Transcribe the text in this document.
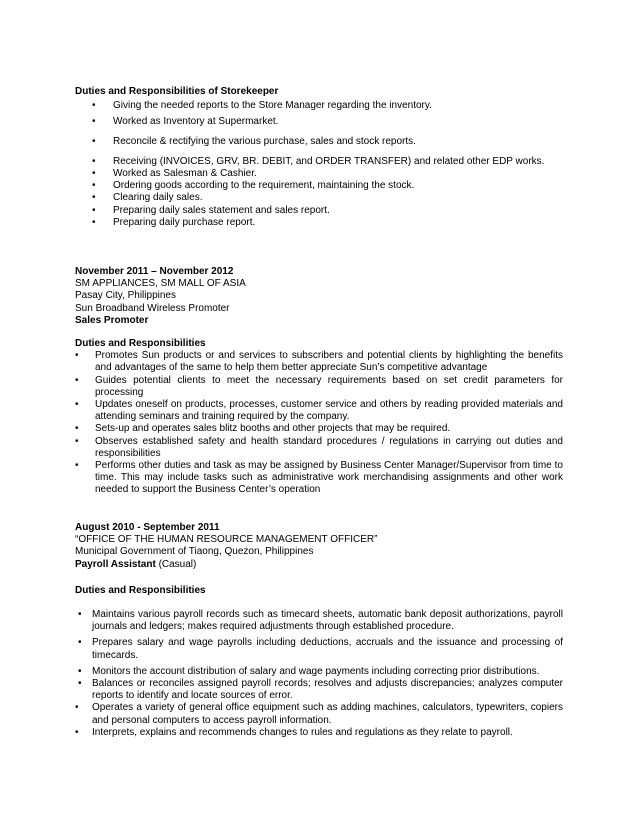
Duties and Responsibilities of Storekeeper
• Giving the needed reports to the Store Manager regarding the inventory.
• Worked as Inventory at Supermarket.
• Reconcile & rectifying the various purchase, sales and stock reports.
• Receiving (INVOICES, GRV, BR. DEBIT, and ORDER TRANSFER) and related other EDP works.
• Worked as Salesman & Cashier.
• Ordering goods according to the requirement, maintaining the stock.
• Clearing daily sales.
• Preparing daily sales statement and sales report.
• Preparing daily purchase report.
November 2011 – November 2012
SM APPLIANCES, SM MALL OF ASIA
Pasay City, Philippines
Sun Broadband Wireless Promoter
Sales Promoter
Duties and Responsibilities
• Promotes Sun products or and services to subscribers and potential clients by highlighting the benefits and advantages of the same to help them better appreciate Sun’s competitive advantage
• Guides potential clients to meet the necessary requirements based on set credit parameters for processing
• Updates oneself on products, processes, customer service and others by reading provided materials and attending seminars and training required by the company.
• Sets-up and operates sales blitz booths and other projects that may be required.
• Observes established safety and health standard procedures / regulations in carrying out duties and responsibilities
• Performs other duties and task as may be assigned by Business Center Manager/Supervisor from time to time. This may include tasks such as administrative work merchandising assignments and other work needed to support the Business Center’s operation
August 2010 - September 2011
“OFFICE OF THE HUMAN RESOURCE MANAGEMENT OFFICER”
Municipal Government of Tiaong, Quezon, Philippines
Payroll Assistant (Casual)
Duties and Responsibilities
• Maintains various payroll records such as timecard sheets, automatic bank deposit authorizations, payroll journals and ledgers; makes required adjustments through established procedure.
• Prepares salary and wage payrolls including deductions, accruals and the issuance and processing of timecards.
• Monitors the account distribution of salary and wage payments including correcting prior distributions.
• Balances or reconciles assigned payroll records; resolves and adjusts discrepancies; analyzes computer reports to identify and locate sources of error.
• Operates a variety of general office equipment such as adding machines, calculators, typewriters, copiers and personal computers to access payroll information.
• Interprets, explains and recommends changes to rules and regulations as they relate to payroll.
